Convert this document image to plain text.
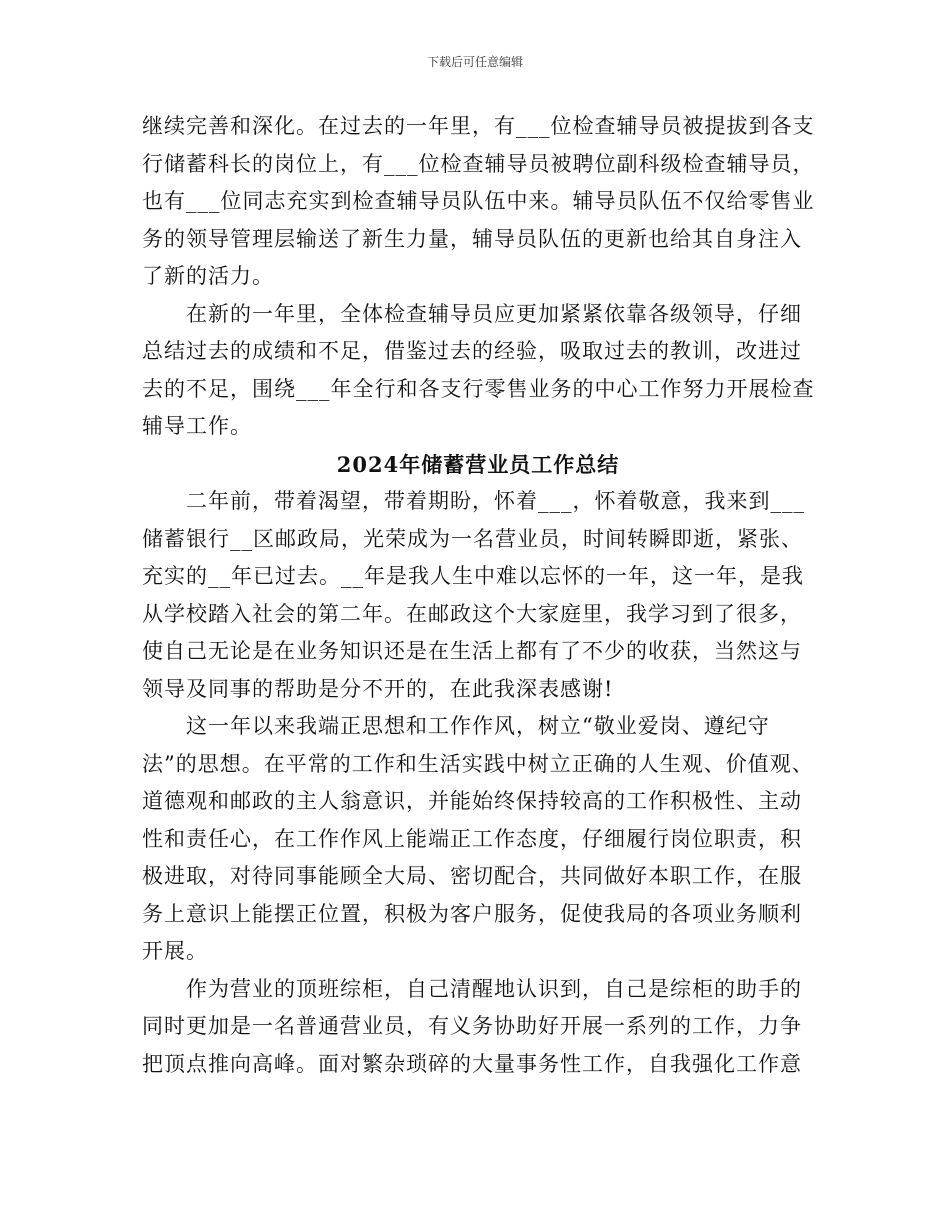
下载后可任意编辑
继续完善和深化。在过去的一年里，有___位检查辅导员被提拔到各支
行储蓄科长的岗位上，有___位检查辅导员被聘位副科级检查辅导员，
也有___位同志充实到检查辅导员队伍中来。辅导员队伍不仅给零售业
务的领导管理层输送了新生力量，辅导员队伍的更新也给其自身注入
了新的活力。
　　在新的一年里，全体检查辅导员应更加紧紧依靠各级领导，仔细
总结过去的成绩和不足，借鉴过去的经验，吸取过去的教训，改进过
去的不足，围绕___年全行和各支行零售业务的中心工作努力开展检查
辅导工作。
2024年储蓄营业员工作总结
　　二年前，带着渴望，带着期盼，怀着___，怀着敬意，我来到___
储蓄银行__区邮政局，光荣成为一名营业员，时间转瞬即逝，紧张、
充实的__年已过去。__年是我人生中难以忘怀的一年，这一年，是我
从学校踏入社会的第二年。在邮政这个大家庭里，我学习到了很多，
使自己无论是在业务知识还是在生活上都有了不少的收获，当然这与
领导及同事的帮助是分不开的，在此我深表感谢!
　　这一年以来我端正思想和工作作风，树立“敬业爱岗、遵纪守
法”的思想。在平常的工作和生活实践中树立正确的人生观、价值观、
道德观和邮政的主人翁意识，并能始终保持较高的工作积极性、主动
性和责任心，在工作作风上能端正工作态度，仔细履行岗位职责，积
极进取，对待同事能顾全大局、密切配合，共同做好本职工作，在服
务上意识上能摆正位置，积极为客户服务，促使我局的各项业务顺利
开展。
　　作为营业的顶班综柜，自己清醒地认识到，自己是综柜的助手的
同时更加是一名普通营业员，有义务协助好开展一系列的工作，力争
把顶点推向高峰。面对繁杂琐碎的大量事务性工作，自我强化工作意
